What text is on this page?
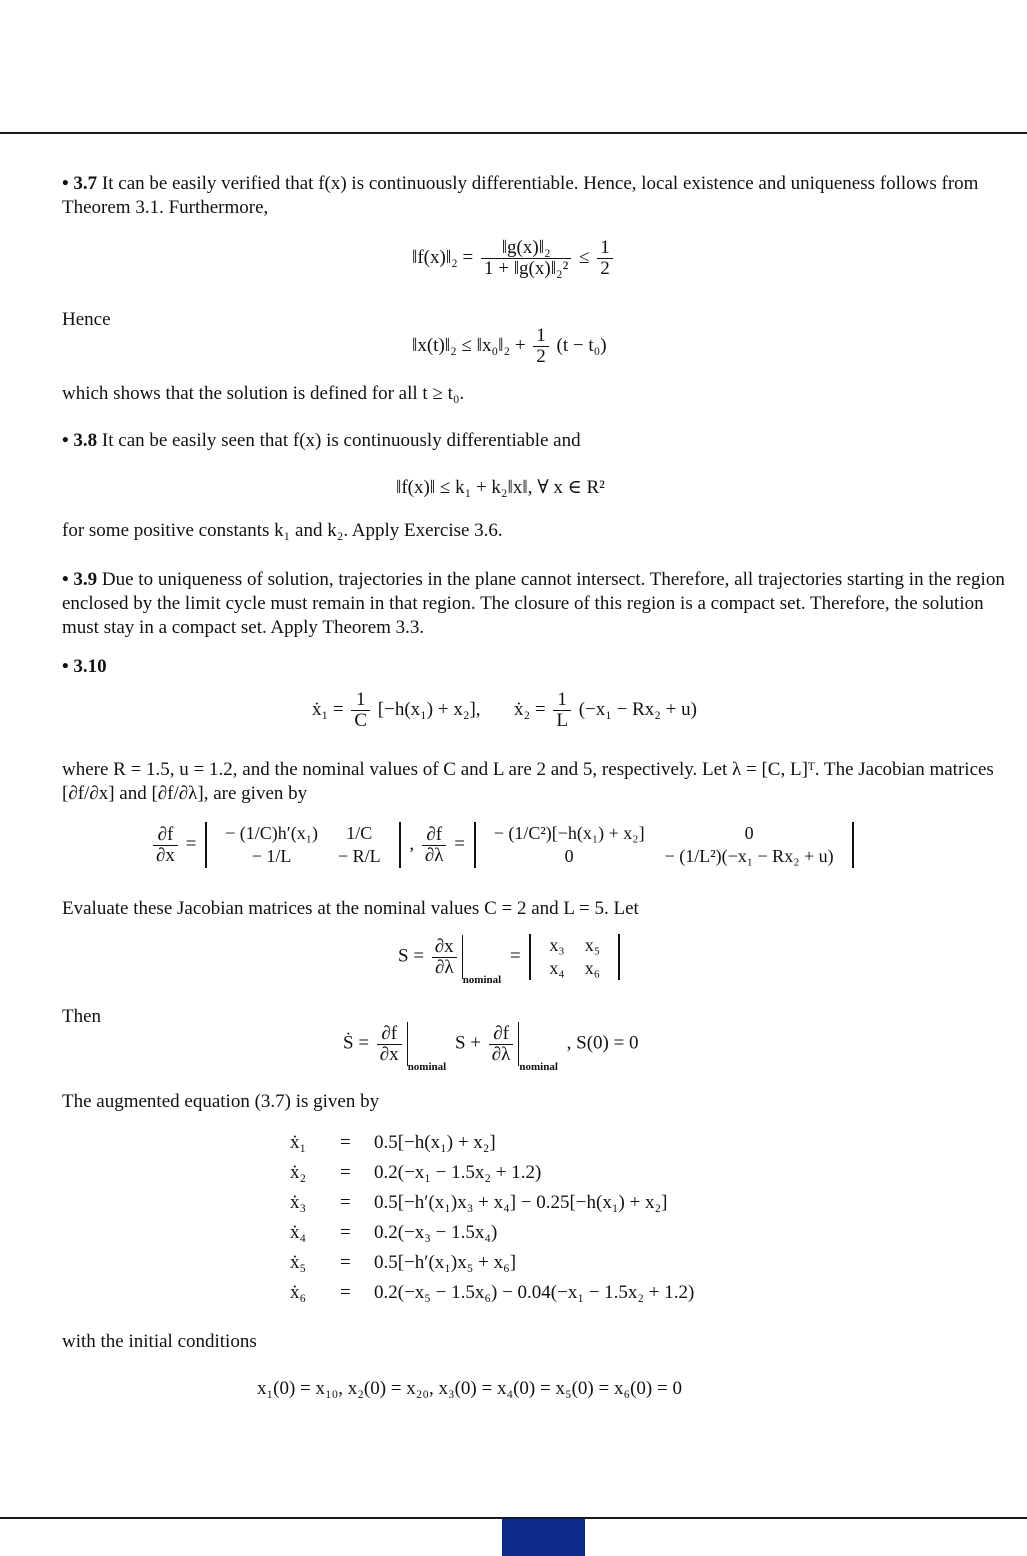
• 3.7 It can be easily verified that f(x) is continuously differentiable. Hence, local existence and uniqueness follows from Theorem 3.1. Furthermore,
‖f(x)‖₂ = $\frac{\text{‖g(x)‖₂}}{\text{1 + ‖g(x)‖₂²}} \le \frac{1}{2}$
Hence
‖x(t)‖₂ ≤ ‖x₀‖₂ + $\frac{1}{2} (t - t_0)$
which shows that the solution is defined for all t ≥ t₀.
• 3.8 It can be easily seen that f(x) is continuously differentiable and
‖f(x)‖ ≤ k₁ + k₂‖x‖, ∀ x ∈ R²
for some positive constants k₁ and k₂. Apply Exercise 3.6.
• 3.9 Due to uniqueness of solution, trajectories in the plane cannot intersect. Therefore, all trajectories starting in the region enclosed by the limit cycle must remain in that region. The closure of this region is a compact set. Therefore, the solution must stay in a compact set. Apply Theorem 3.3.
• 3.10
ẋ₁ = $\frac{1}{C} [-h(x_1) + x_2]$, ẋ₂ = $\frac{1}{L} (-x_1 - Rx_2 + u)$
where R = 1.5, u = 1.2, and the nominal values of C and L are 2 and 5, respectively. Let λ = [C, L]ᵀ. The Jacobian matrices [∂f/∂x] and [∂f/∂λ], are given by
$\frac{\partial f}{\partial x}$ =
− (1/C)h′(x₁)	1/C
− 1/L	− R/L
, $\frac{\partial f}{\partial\lambda}$ =
− (1/C²)[−h(x₁) + x₂]	0
0	− (1/L²)(−x₁ − Rx₂ + u)
Evaluate these Jacobian matrices at the nominal values C = 2 and L = 5. Let
$S = \frac{\partial x}{\partial\lambda}$
$_{nominal}$ =
x₃	x₅
x₄	x₆
Then
Ṡ = $\frac{\partial f}{\partial x}$
$_{nominal}$ $S + \frac{\partial f}{\partial\lambda}$
$_{nominal}$ , S(0) = 0
The augmented equation (3.7) is given by
ẋ₁ = 0.5[−h(x₁) + x₂]
ẋ₂ = 0.2(−x₁ − 1.5x₂ + 1.2)
ẋ₃ = 0.5[−h′(x₁)x₃ + x₄] − 0.25[−h(x₁) + x₂]
ẋ₄ = 0.2(−x₃ − 1.5x₄)
ẋ₅ = 0.5[−h′(x₁)x₅ + x₆]
ẋ₆ = 0.2(−x₅ − 1.5x₆) − 0.04(−x₁ − 1.5x₂ + 1.2)
with the initial conditions
x₁(0) = x₁₀, x₂(0) = x₂₀, x₃(0) = x₄(0) = x₅(0) = x₆(0) = 0
